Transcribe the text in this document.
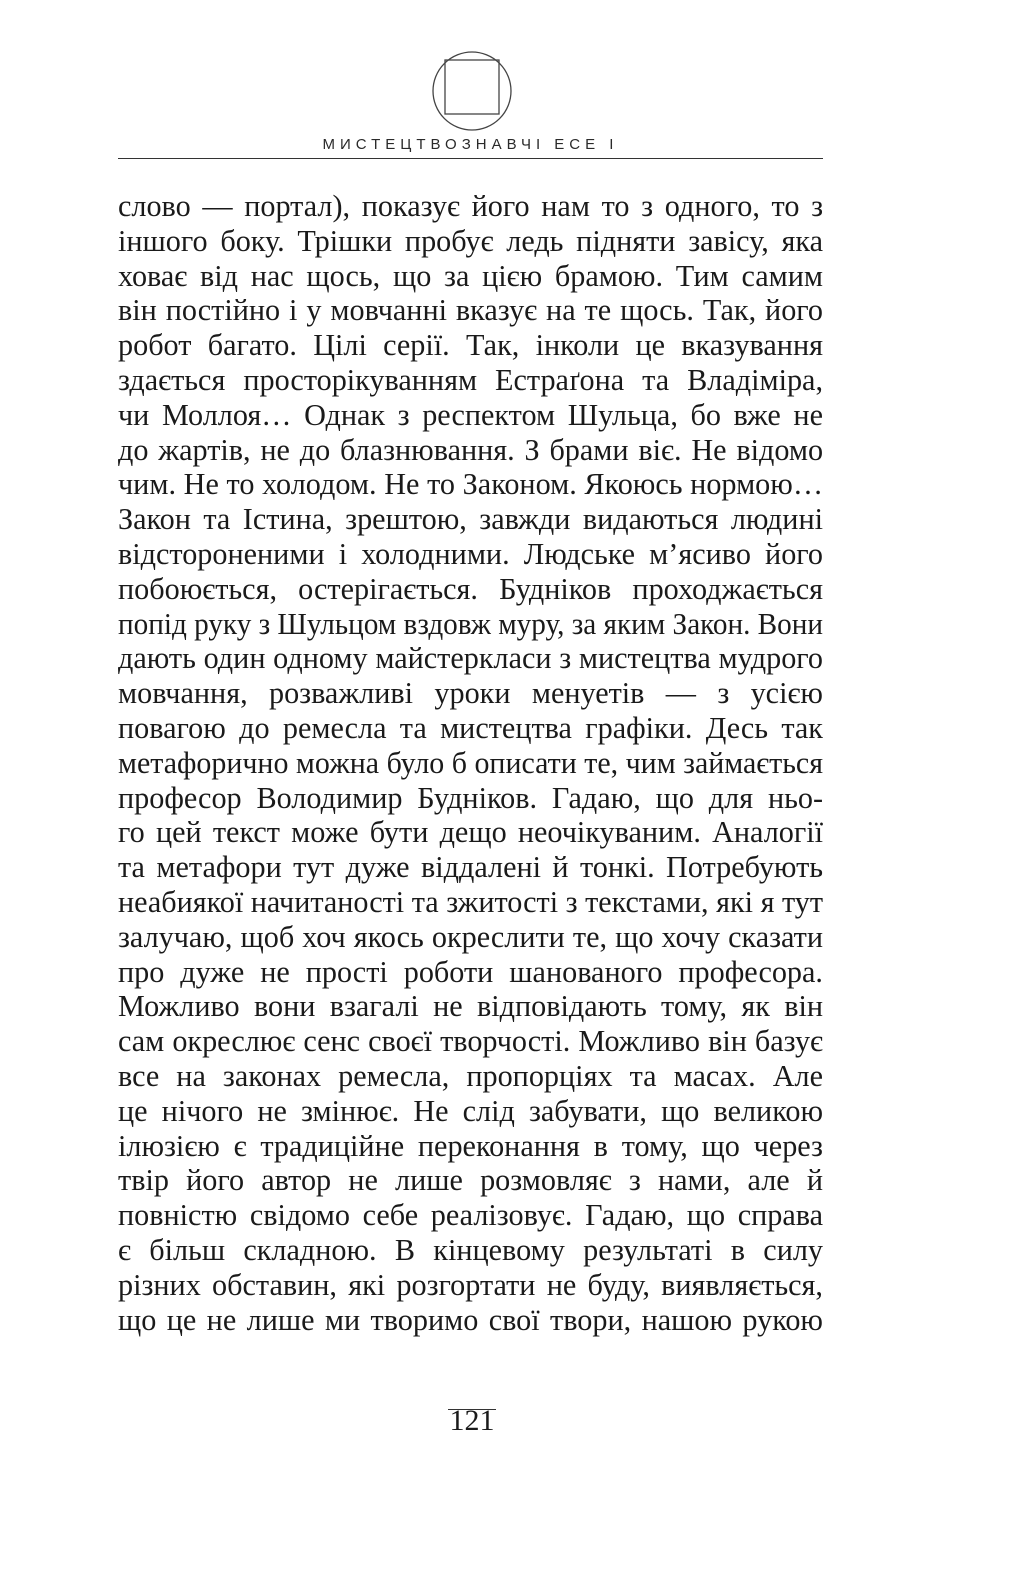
МИСТЕЦТВОЗНАВЧІ ЕСЕ І
слово — портал), показує його нам то з одного, то з
іншого боку. Трішки пробує ледь підняти завісу, яка
ховає від нас щось, що за цією брамою. Тим самим
він постійно і у мовчанні вказує на те щось. Так, його
робот багато. Цілі серії. Так, інколи це вказування
здається просторікуванням Естраґона та Владіміра,
чи Моллоя… Однак з респектом Шульца, бо вже не
до жартів, не до блазнювання. З брами віє. Не відомо
чим. Не то холодом. Не то Законом. Якоюсь нормою…
Закон та Істина, зрештою, завжди видаються людині
відстороненими і холодними. Людське м’ясиво його
побоюється, остерігається. Будніков проходжається
попід руку з Шульцом вздовж муру, за яким Закон. Вони
дають один одному майстеркласи з мистецтва мудрого
мовчання, розважливі уроки менуетів — з усією
повагою до ремесла та мистецтва графіки. Десь так
метафорично можна було б описати те, чим займається
професор Володимир Будніков. Гадаю, що для ньо-
го цей текст може бути дещо неочікуваним. Аналогії
та метафори тут дуже віддалені й тонкі. Потребують
неабиякої начитаності та зжитості з текстами, які я тут
залучаю, щоб хоч якось окреслити те, що хочу сказати
про дуже не прості роботи шанованого професора.
Можливо вони взагалі не відповідають тому, як він
сам окреслює сенс своєї творчості. Можливо він базує
все на законах ремесла, пропорціях та масах. Але
це нічого не змінює. Не слід забувати, що великою
ілюзією є традиційне переконання в тому, що через
твір його автор не лише розмовляє з нами, але й
повністю свідомо себе реалізовує. Гадаю, що справа
є більш складною. В кінцевому результаті в силу
різних обставин, які розгортати не буду, виявляється,
що це не лише ми творимо свої твори, нашою рукою
121
